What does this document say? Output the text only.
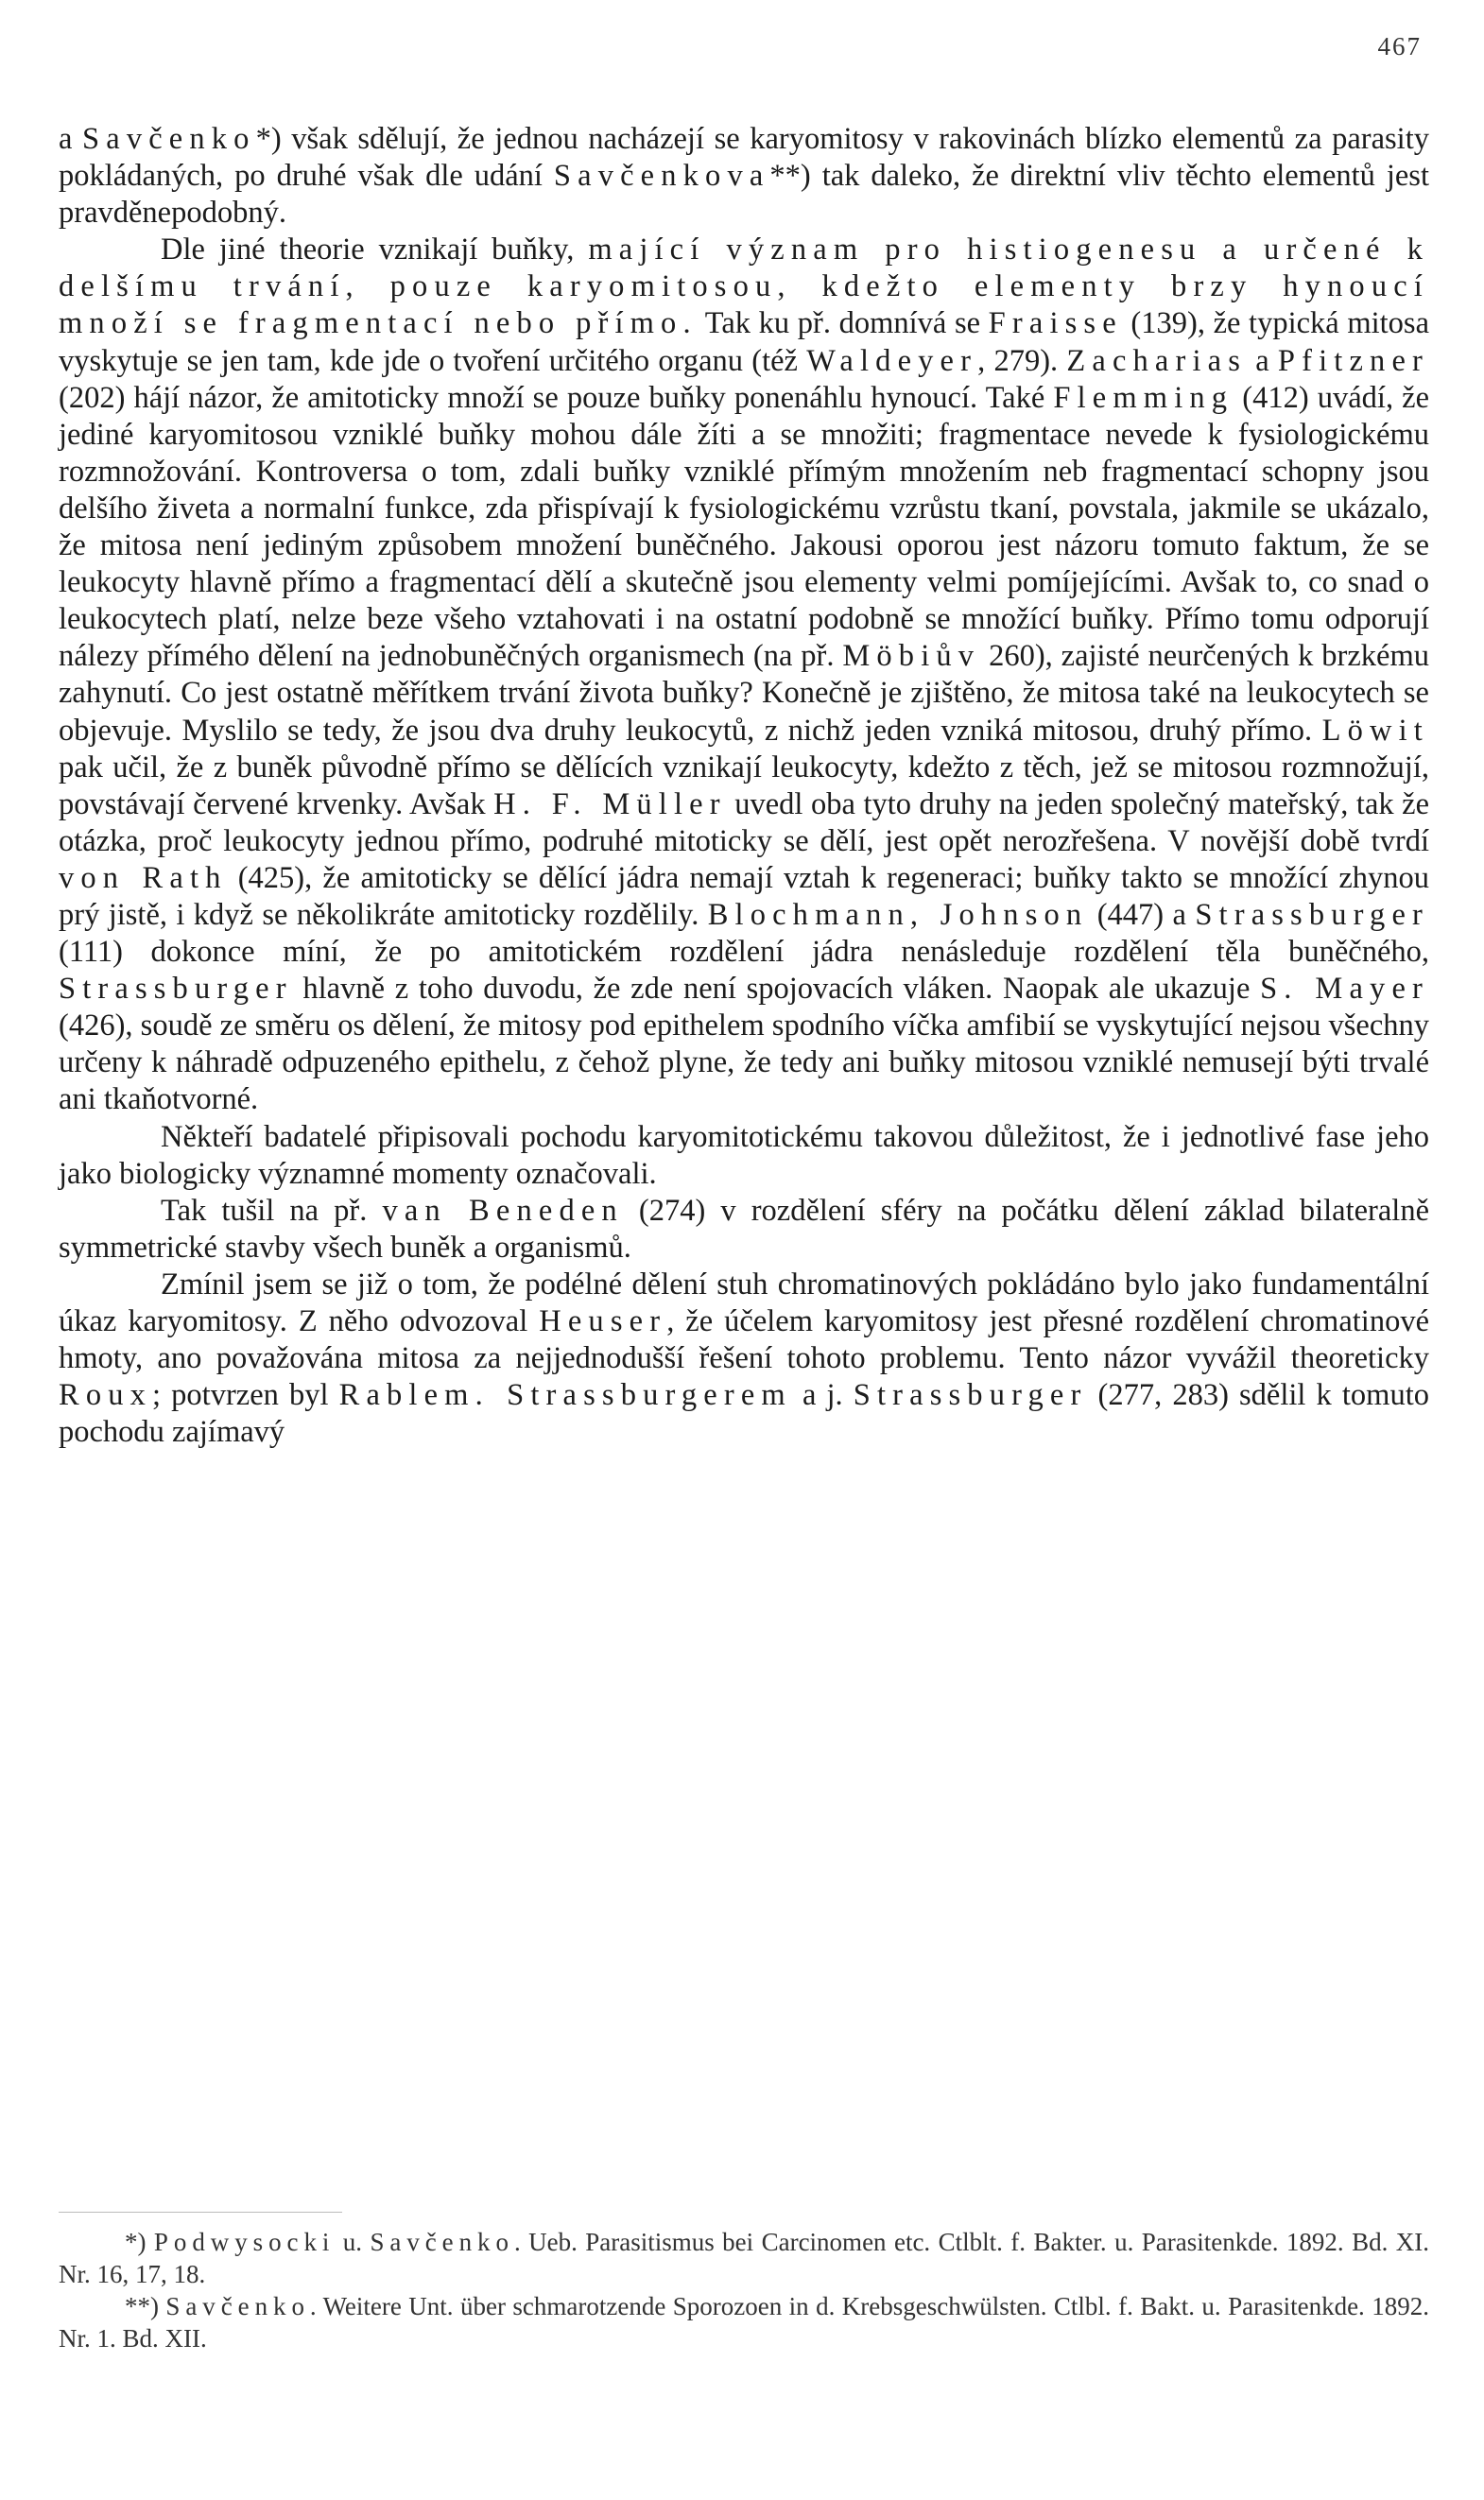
467

a Savčenko*) však sdělují, že jednou nacházejí se karyomitosy v rakovinách blízko elementů za parasity pokládaných, po druhé však dle udání Savčenkova**) tak daleko, že direktní vliv těchto elementů jest pravděnepodobný.

Dle jiné theorie vznikají buňky, mající význam pro histiogenesu a určené k delšímu trvání, pouze karyomitosou, kdežto elementy brzy hynoucí množí se fragmentací nebo přímo. Tak ku př. domnívá se Fraisse (139), že typická mitosa vyskytuje se jen tam, kde jde o tvoření určitého organu (též Waldeyer, 279). Zacharias a Pfitzner (202) hájí názor, že amitoticky množí se pouze buňky ponenáhlu hynoucí. Také Flemming (412) uvádí, že jediné karyomitosou vzniklé buňky mohou dále žíti a se množiti; fragmentace nevede k fysiologickému rozmnožování. Kontroversa o tom, zdali buňky vzniklé přímým množením neb fragmentací schopny jsou delšího živeta a normalní funkce, zda přispívají k fysiologickému vzrůstu tkaní, povstala, jakmile se ukázalo, že mitosa není jediným způsobem množení buněčného. Jakousi oporou jest názoru tomuto faktum, že se leukocyty hlavně přímo a fragmentací dělí a skutečně jsou elementy velmi pomíjejícími. Avšak to, co snad o leukocytech platí, nelze beze všeho vztahovati i na ostatní podobně se množící buňky. Přímo tomu odporují nálezy přímého dělení na jednobuněčných organismech (na př. Möbiův 260), zajisté neurčených k brzkému zahynutí. Co jest ostatně měřítkem trvání života buňky? Konečně je zjištěno, že mitosa také na leukocytech se objevuje. Myslilo se tedy, že jsou dva druhy leukocytů, z nichž jeden vzniká mitosou, druhý přímo. Löwit pak učil, že z buněk původně přímo se dělících vznikají leukocyty, kdežto z těch, jež se mitosou rozmnožují, povstávají červené krvenky. Avšak H. F. Müller uvedl oba tyto druhy na jeden společný mateřský, tak že otázka, proč leukocyty jednou přímo, podruhé mitoticky se dělí, jest opět nerozřešena. V novější době tvrdí von Rath (425), že amitoticky se dělící jádra nemají vztah k regeneraci; buňky takto se množící zhynou prý jistě, i když se několikráte amitoticky rozdělily. Blochmann, Johnson (447) a Strassburger (111) dokonce míní, že po amitotickém rozdělení jádra nenásleduje rozdělení těla buněčného, Strassburger hlavně z toho duvodu, že zde není spojovacích vláken. Naopak ale ukazuje S. Mayer (426), soudě ze směru os dělení, že mitosy pod epithelem spodního víčka amfibií se vyskytující nejsou všechny určeny k náhradě odpuzeného epithelu, z čehož plyne, že tedy ani buňky mitosou vzniklé nemusejí býti trvalé ani tkaňotvorné.

Někteří badatelé připisovali pochodu karyomitotickému takovou důležitost, že i jednotlivé fase jeho jako biologicky významné momenty označovali.

Tak tušil na př. van Beneden (274) v rozdělení sféry na počátku dělení základ bilateralně symmetrické stavby všech buněk a organismů.

Zmínil jsem se již o tom, že podélné dělení stuh chromatinových pokládáno bylo jako fundamentální úkaz karyomitosy. Z něho odvozoval Heuser, že účelem karyomitosy jest přesné rozdělení chromatinové hmoty, ano považována mitosa za nejjednodušší řešení tohoto problemu. Tento názor vyvážil theoreticky Roux; potvrzen byl Rablem. Strassburgerem a j. Strassburger (277, 283) sdělil k tomuto pochodu zajímavý

*) Podwysocki u. Savčenko. Ueb. Parasitismus bei Carcinomen etc. Ctlblt. f. Bakter. u. Parasitenkde. 1892. Bd. XI. Nr. 16, 17, 18.

**) Savčenko. Weitere Unt. über schmarotzende Sporozoen in d. Krebsgeschwülsten. Ctlbl. f. Bakt. u. Parasitenkde. 1892. Nr. 1. Bd. XII.
